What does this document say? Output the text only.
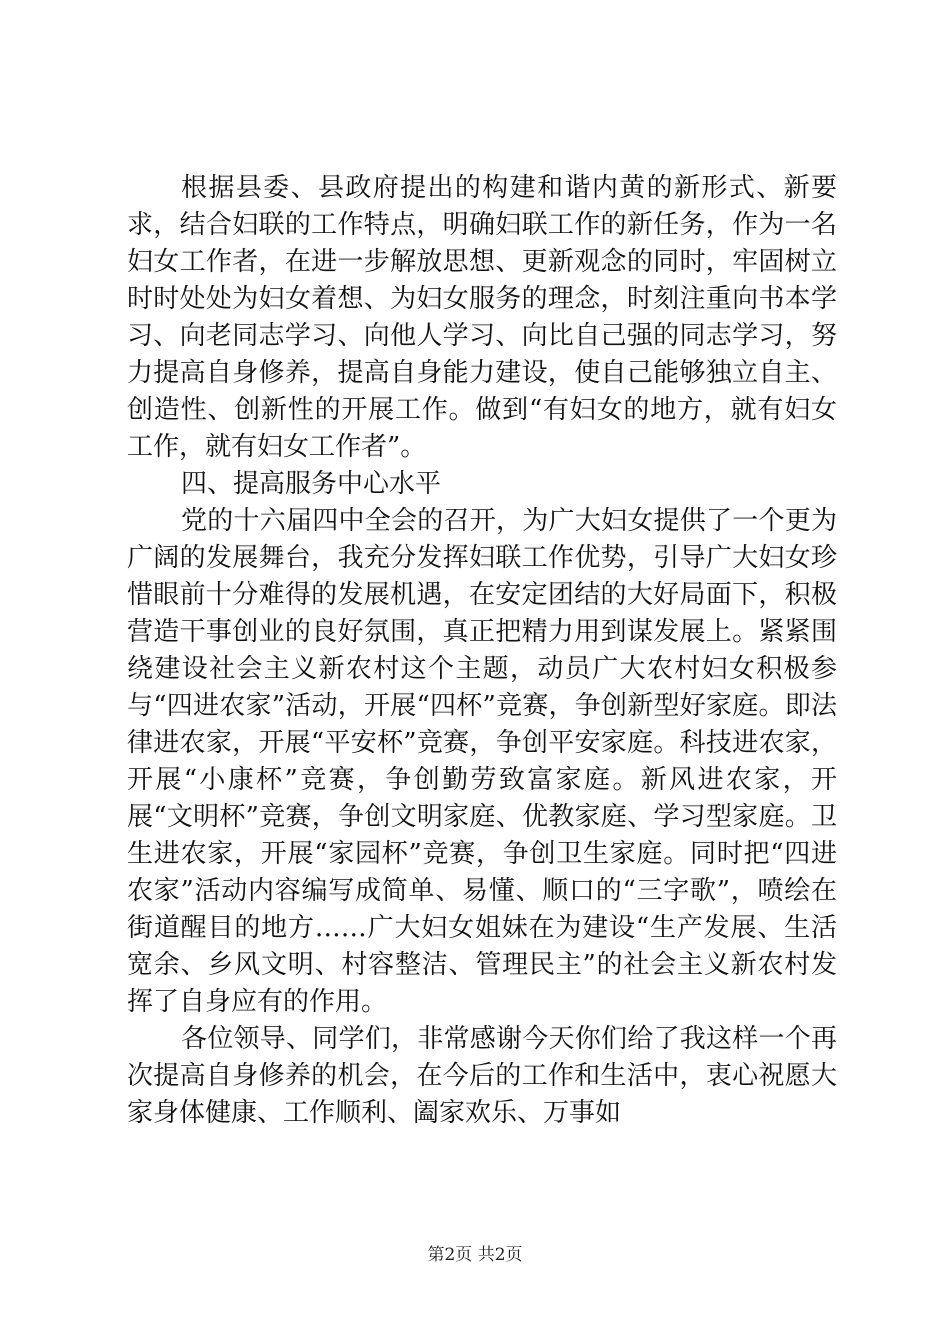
根据县委、县政府提出的构建和谐内黄的新形式、新要求，结合妇联的工作特点，明确妇联工作的新任务，作为一名妇女工作者，在进一步解放思想、更新观念的同时，牢固树立时时处处为妇女着想、为妇女服务的理念，时刻注重向书本学习、向老同志学习、向他人学习、向比自己强的同志学习，努力提高自身修养，提高自身能力建设，使自己能够独立自主、创造性、创新性的开展工作。做到“有妇女的地方，就有妇女工作，就有妇女工作者”。

四、提高服务中心水平

党的十六届四中全会的召开，为广大妇女提供了一个更为广阔的发展舞台，我充分发挥妇联工作优势，引导广大妇女珍惜眼前十分难得的发展机遇，在安定团结的大好局面下，积极营造干事创业的良好氛围，真正把精力用到谋发展上。紧紧围绕建设社会主义新农村这个主题，动员广大农村妇女积极参与“四进农家”活动，开展“四杯”竞赛，争创新型好家庭。即法律进农家，开展“平安杯”竞赛，争创平安家庭。科技进农家，开展“小康杯”竞赛，争创勤劳致富家庭。新风进农家，开展“文明杯”竞赛，争创文明家庭、优教家庭、学习型家庭。卫生进农家，开展“家园杯”竞赛，争创卫生家庭。同时把“四进农家”活动内容编写成简单、易懂、顺口的“三字歌”，喷绘在街道醒目的地方……广大妇女姐妹在为建设“生产发展、生活宽余、乡风文明、村容整洁、管理民主”的社会主义新农村发挥了自身应有的作用。

各位领导、同学们，非常感谢今天你们给了我这样一个再次提高自身修养的机会，在今后的工作和生活中，衷心祝愿大家身体健康、工作顺利、阖家欢乐、万事如

第2页 共2页
